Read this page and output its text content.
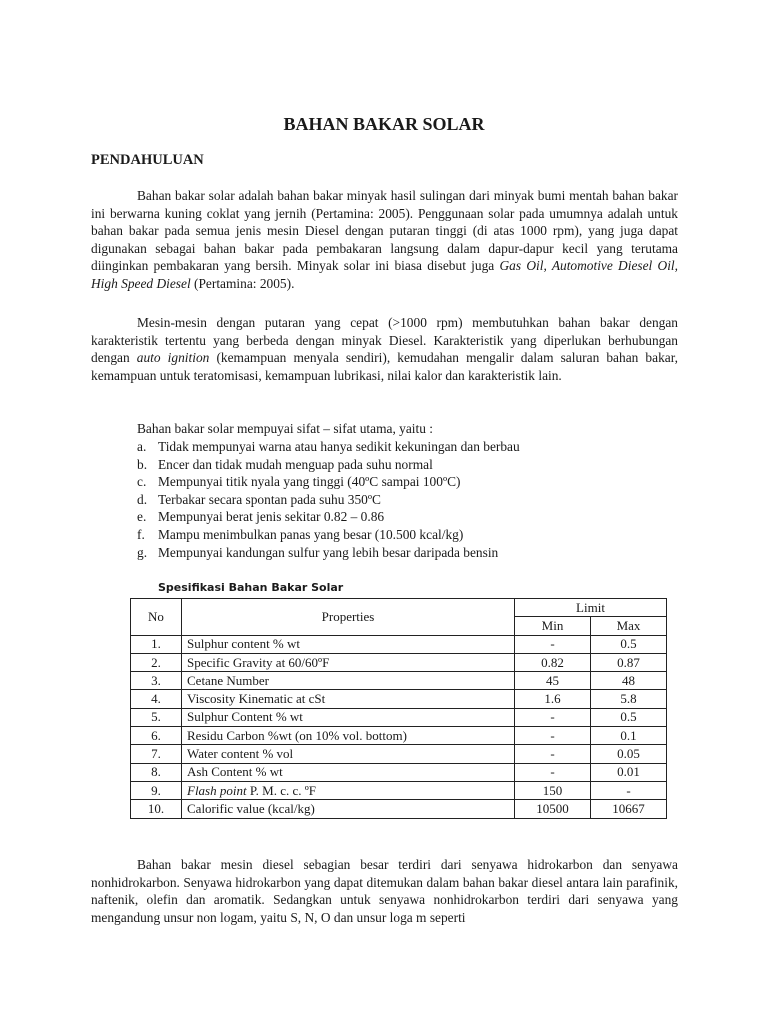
BAHAN BAKAR SOLAR
PENDAHULUAN

Bahan bakar solar adalah bahan bakar minyak hasil sulingan dari minyak bumi mentah bahan bakar ini berwarna kuning coklat yang jernih (Pertamina: 2005). Penggunaan solar pada umumnya adalah untuk bahan bakar pada semua jenis mesin Diesel dengan putaran tinggi (di atas 1000 rpm), yang juga dapat digunakan sebagai bahan bakar pada pembakaran langsung dalam dapur-dapur kecil yang terutama diinginkan pembakaran yang bersih. Minyak solar ini biasa disebut juga Gas Oil, Automotive Diesel Oil, High Speed Diesel (Pertamina: 2005).

Mesin-mesin dengan putaran yang cepat (>1000 rpm) membutuhkan bahan bakar dengan karakteristik tertentu yang berbeda dengan minyak Diesel. Karakteristik yang diperlukan berhubungan dengan auto ignition (kemampuan menyala sendiri), kemudahan mengalir dalam saluran bahan bakar, kemampuan untuk teratomisasi, kemampuan lubrikasi, nilai kalor dan karakteristik lain.

Bahan bakar solar mempuyai sifat – sifat utama, yaitu :
a. Tidak mempunyai warna atau hanya sedikit kekuningan dan berbau
b. Encer dan tidak mudah menguap pada suhu normal
c. Mempunyai titik nyala yang tinggi (40ºC sampai 100ºC)
d. Terbakar secara spontan pada suhu 350ºC
e. Mempunyai berat jenis sekitar 0.82 – 0.86
f. Mampu menimbulkan panas yang besar (10.500 kcal/kg)
g. Mempunyai kandungan sulfur yang lebih besar daripada bensin
Spesifikasi Bahan Bakar Solar
No	Properties	Limit	
		Min	Max
1.	Sulphur content % wt	-	0.5
2.	Specific Gravity at 60/60ºF	0.82	0.87
3.	Cetane Number	45	48
4.	Viscosity Kinematic at cSt	1.6	5.8
5.	Sulphur Content % wt	-	0.5
6.	Residu Carbon %wt (on 10% vol. bottom)	-	0.1
7.	Water content % vol	-	0.05
8.	Ash Content % wt	-	0.01
9.	Flash point P. M. c. c. ºF	150	-
10.	Calorific value (kcal/kg)	10500	10667

Bahan bakar mesin diesel sebagian besar terdiri dari senyawa hidrokarbon dan senyawa nonhidrokarbon. Senyawa hidrokarbon yang dapat ditemukan dalam bahan bakar diesel antara lain parafinik, naftenik, olefin dan aromatik. Sedangkan untuk senyawa nonhidrokarbon terdiri dari senyawa yang mengandung unsur non logam, yaitu S, N, O dan unsur loga m seperti
